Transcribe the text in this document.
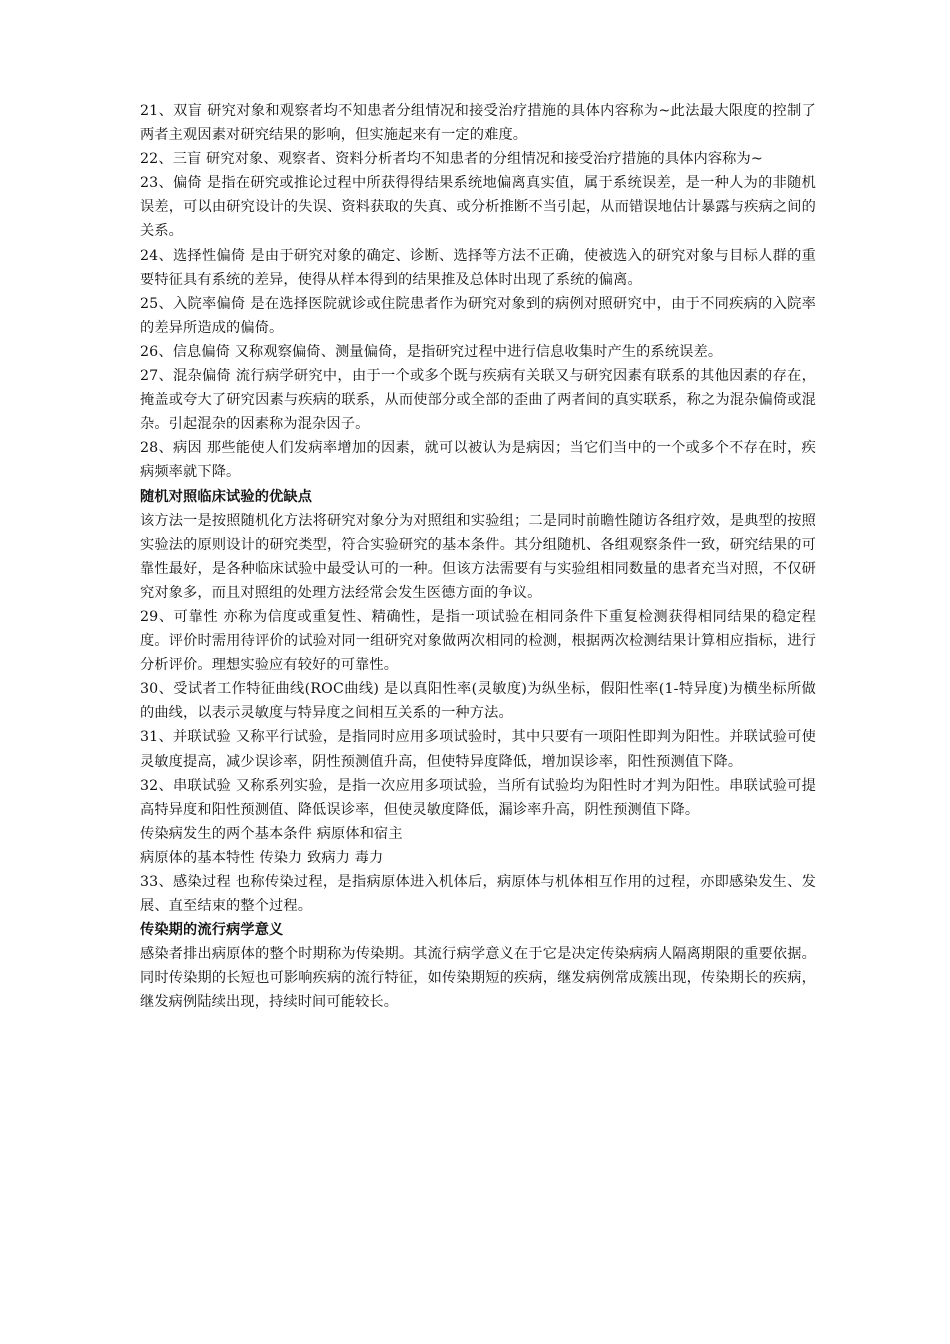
21、双盲 研究对象和观察者均不知患者分组情况和接受治疗措施的具体内容称为~此法最大限度的控制了两者主观因素对研究结果的影响，但实施起来有一定的难度。

22、三盲 研究对象、观察者、资料分析者均不知患者的分组情况和接受治疗措施的具体内容称为~

23、偏倚 是指在研究或推论过程中所获得得结果系统地偏离真实值，属于系统误差，是一种人为的非随机误差，可以由研究设计的失误、资料获取的失真、或分析推断不当引起，从而错误地估计暴露与疾病之间的关系。

24、选择性偏倚 是由于研究对象的确定、诊断、选择等方法不正确，使被选入的研究对象与目标人群的重要特征具有系统的差异，使得从样本得到的结果推及总体时出现了系统的偏离。

25、入院率偏倚 是在选择医院就诊或住院患者作为研究对象到的病例对照研究中，由于不同疾病的入院率的差异所造成的偏倚。

26、信息偏倚 又称观察偏倚、测量偏倚，是指研究过程中进行信息收集时产生的系统误差。

27、混杂偏倚 流行病学研究中，由于一个或多个既与疾病有关联又与研究因素有联系的其他因素的存在，掩盖或夸大了研究因素与疾病的联系，从而使部分或全部的歪曲了两者间的真实联系，称之为混杂偏倚或混杂。引起混杂的因素称为混杂因子。

28、病因 那些能使人们发病率增加的因素，就可以被认为是病因；当它们当中的一个或多个不存在时，疾病频率就下降。

随机对照临床试验的优缺点

该方法一是按照随机化方法将研究对象分为对照组和实验组；二是同时前瞻性随访各组疗效，是典型的按照实验法的原则设计的研究类型，符合实验研究的基本条件。其分组随机、各组观察条件一致，研究结果的可靠性最好，是各种临床试验中最受认可的一种。但该方法需要有与实验组相同数量的患者充当对照，不仅研究对象多，而且对照组的处理方法经常会发生医德方面的争议。

29、可靠性 亦称为信度或重复性、精确性，是指一项试验在相同条件下重复检测获得相同结果的稳定程度。评价时需用待评价的试验对同一组研究对象做两次相同的检测，根据两次检测结果计算相应指标，进行分析评价。理想实验应有较好的可靠性。

30、受试者工作特征曲线(ROC曲线) 是以真阳性率(灵敏度)为纵坐标，假阳性率(1-特异度)为横坐标所做的曲线，以表示灵敏度与特异度之间相互关系的一种方法。

31、并联试验 又称平行试验，是指同时应用多项试验时，其中只要有一项阳性即判为阳性。并联试验可使灵敏度提高，减少误诊率，阴性预测值升高，但使特异度降低，增加误诊率，阳性预测值下降。

32、串联试验 又称系列实验，是指一次应用多项试验，当所有试验均为阳性时才判为阳性。串联试验可提高特异度和阳性预测值、降低误诊率，但使灵敏度降低，漏诊率升高，阴性预测值下降。

传染病发生的两个基本条件 病原体和宿主

病原体的基本特性 传染力 致病力 毒力

33、感染过程 也称传染过程，是指病原体进入机体后，病原体与机体相互作用的过程，亦即感染发生、发展、直至结束的整个过程。

传染期的流行病学意义

感染者排出病原体的整个时期称为传染期。其流行病学意义在于它是决定传染病病人隔离期限的重要依据。同时传染期的长短也可影响疾病的流行特征，如传染期短的疾病，继发病例常成簇出现，传染期长的疾病，继发病例陆续出现，持续时间可能较长。
